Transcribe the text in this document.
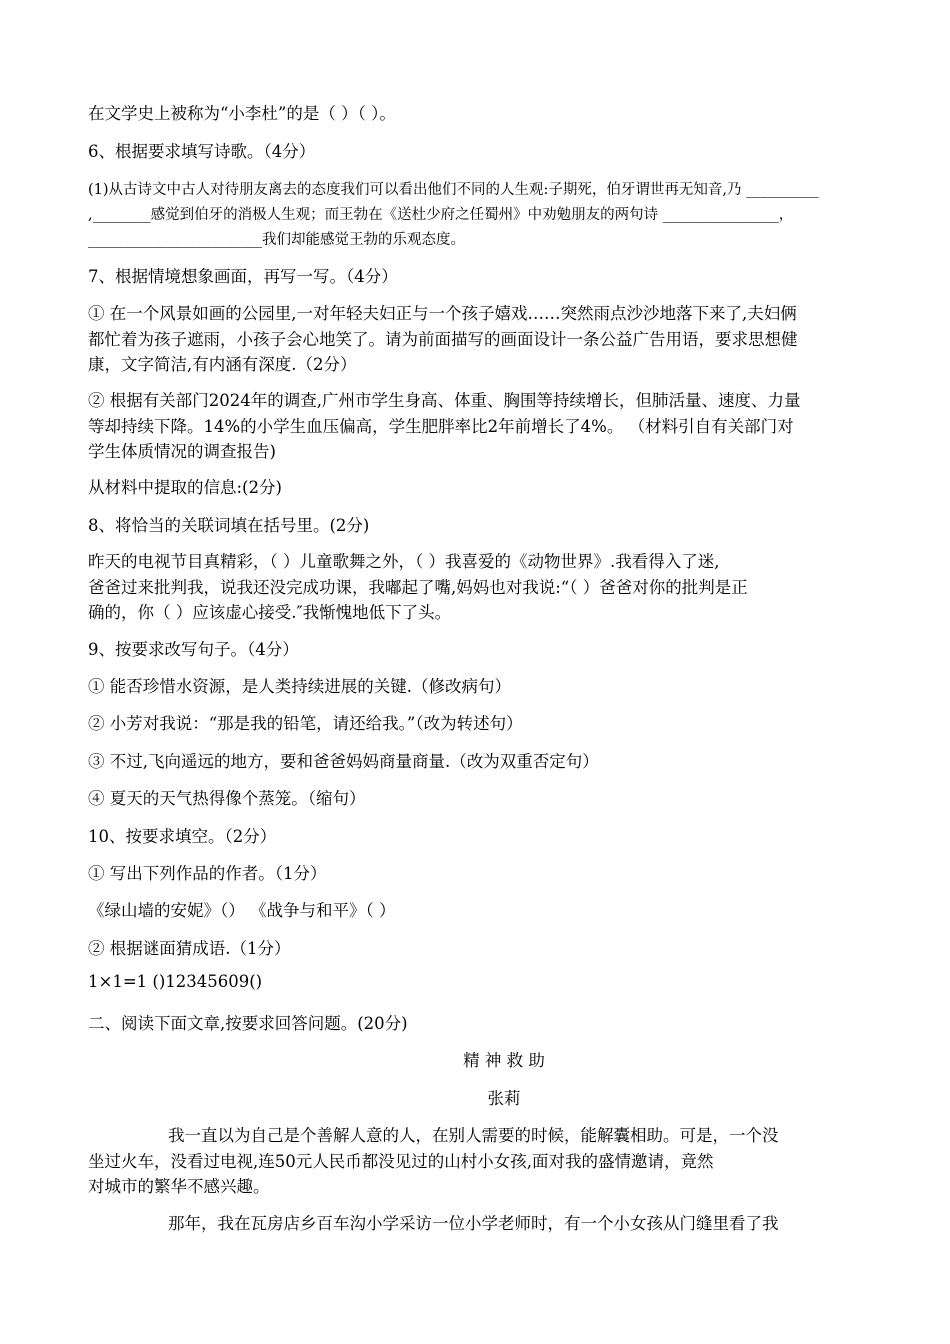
在文学史上被称为“小李杜”的是（ ）（ ）。
6、根据要求填写诗歌。（4分）
(1)从古诗文中古人对待朋友离去的态度我们可以看出他们不同的人生观:子期死，伯牙谓世再无知音,乃 __________
,________感觉到伯牙的消极人生观；而王勃在《送杜少府之任蜀州》中劝勉朋友的两句诗 ________________，
________________________我们却能感觉王勃的乐观态度。
7、根据情境想象画面，再写一写。（4分）
① 在一个风景如画的公园里,一对年轻夫妇正与一个孩子嬉戏……突然雨点沙沙地落下来了,夫妇俩
都忙着为孩子遮雨，小孩子会心地笑了。请为前面描写的画面设计一条公益广告用语，要求思想健
康，文字简洁,有内涵有深度.（2分）
② 根据有关部门2024年的调查,广州市学生身高、体重、胸围等持续增长，但肺活量、速度、力量
等却持续下降。14%的小学生血压偏高，学生肥胖率比2年前增长了4%。 （材料引自有关部门对
学生体质情况的调查报告)
从材料中提取的信息:(2分)
8、将恰当的关联词填在括号里。(2分)
昨天的电视节目真精彩，（ ）儿童歌舞之外，（ ）我喜爱的《动物世界》.我看得入了迷,
爸爸过来批判我，说我还没完成功课，我嘟起了嘴,妈妈也对我说:“（ ）爸爸对你的批判是正
确的，你（ ）应该虚心接受.″我惭愧地低下了头。
9、按要求改写句子。（4分）
① 能否珍惜水资源，是人类持续进展的关键.（修改病句）
② 小芳对我说：“那是我的铅笔，请还给我。”（改为转述句）
③ 不过,飞向遥远的地方，要和爸爸妈妈商量商量.（改为双重否定句）
④ 夏天的天气热得像个蒸笼。（缩句）
10、按要求填空。（2分）
① 写出下列作品的作者。（1分）
《绿山墙的安妮》（） 《战争与和平》（ ）
② 根据谜面猜成语.（1分）
1×1=1 ()12345609()
二、阅读下面文章,按要求回答问题。(20分)
精 神 救 助
张莉
我一直以为自己是个善解人意的人，在别人需要的时候，能解囊相助。可是，一个没
坐过火车，没看过电视,连50元人民币都没见过的山村小女孩,面对我的盛情邀请，竟然
对城市的繁华不感兴趣。
那年，我在瓦房店乡百车沟小学采访一位小学老师时，有一个小女孩从门缝里看了我
